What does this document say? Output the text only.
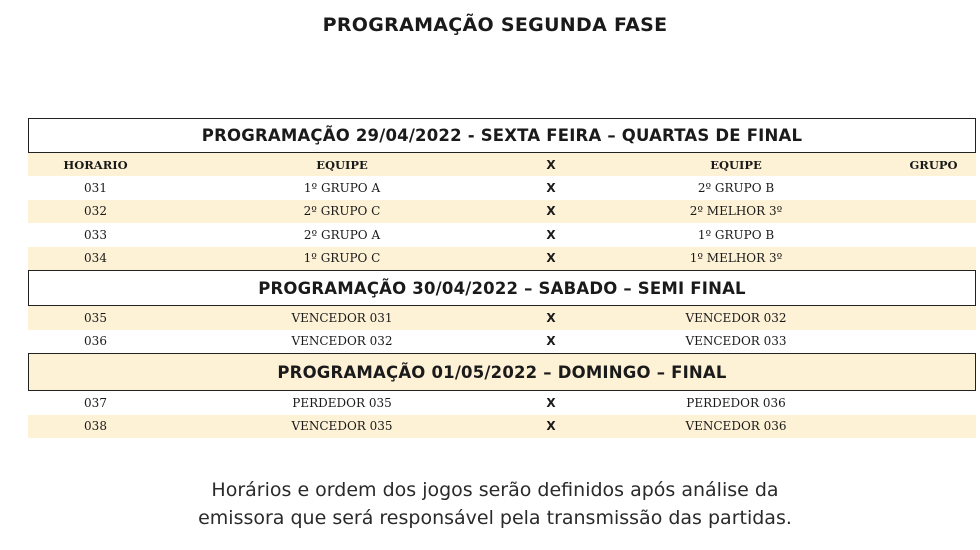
PROGRAMAÇÃO SEGUNDA FASE
PROGRAMAÇÃO 29/04/2022 - SEXTA FEIRA – QUARTAS DE FINAL
HORARIO	EQUIPE	X	EQUIPE	GRUPO
031	1º GRUPO A	X	2º GRUPO B
032	2º GRUPO C	X	2º MELHOR 3º
033	2º GRUPO A	X	1º GRUPO B
034	1º GRUPO C	X	1º MELHOR 3º
PROGRAMAÇÃO 30/04/2022 – SABADO – SEMI FINAL
035	VENCEDOR 031	X	VENCEDOR 032
036	VENCEDOR 032	X	VENCEDOR 033
PROGRAMAÇÃO 01/05/2022 – DOMINGO – FINAL
037	PERDEDOR 035	X	PERDEDOR 036
038	VENCEDOR 035	X	VENCEDOR 036
Horários e ordem dos jogos serão definidos após análise da
emissora que será responsável pela transmissão das partidas.
